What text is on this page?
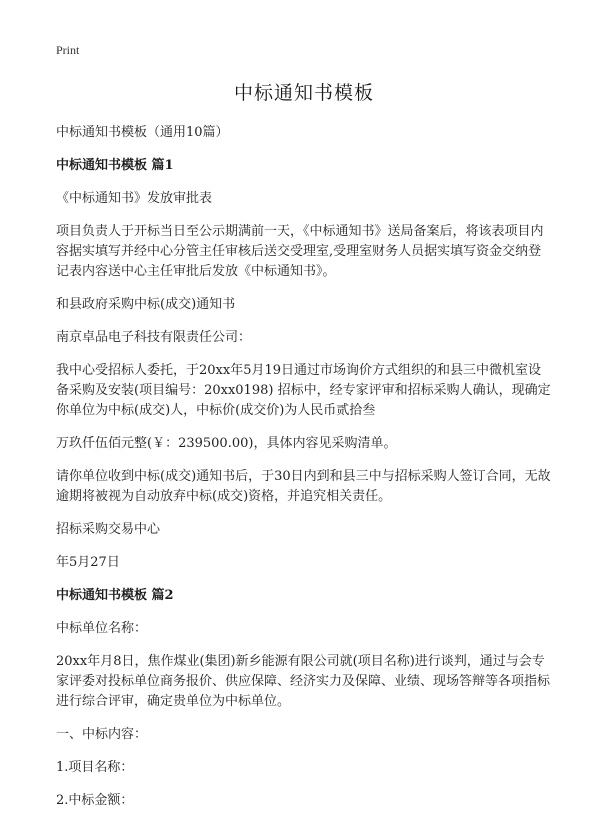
Print
中标通知书模板
中标通知书模板（通用10篇）
中标通知书模板 篇1
《中标通知书》发放审批表
项目负责人于开标当日至公示期满前一天，《中标通知书》送局备案后，将该表项目内容据实填写并经中心分管主任审核后送交受理室,受理室财务人员据实填写资金交纳登记表内容送中心主任审批后发放《中标通知书》。
和县政府采购中标(成交)通知书
南京卓品电子科技有限责任公司：
我中心受招标人委托，于20xx年5月19日通过市场询价方式组织的和县三中微机室设备采购及安装(项目编号：20xx0198) 招标中，经专家评审和招标采购人确认，现确定你单位为中标(成交)人，中标价(成交价)为人民币贰拾叁
万玖仟伍佰元整(￥：239500.00)，具体内容见采购清单。
请你单位收到中标(成交)通知书后，于30日内到和县三中与招标采购人签订合同，无故逾期将被视为自动放弃中标(成交)资格，并追究相关责任。
招标采购交易中心
年5月27日
中标通知书模板 篇2
中标单位名称：
20xx年月8日，焦作煤业(集团)新乡能源有限公司就(项目名称)进行谈判，通过与会专家评委对投标单位商务报价、供应保障、经济实力及保障、业绩、现场答辩等各项指标进行综合评审，确定贵单位为中标单位。
一、中标内容：
1.项目名称：
2.中标金额：
